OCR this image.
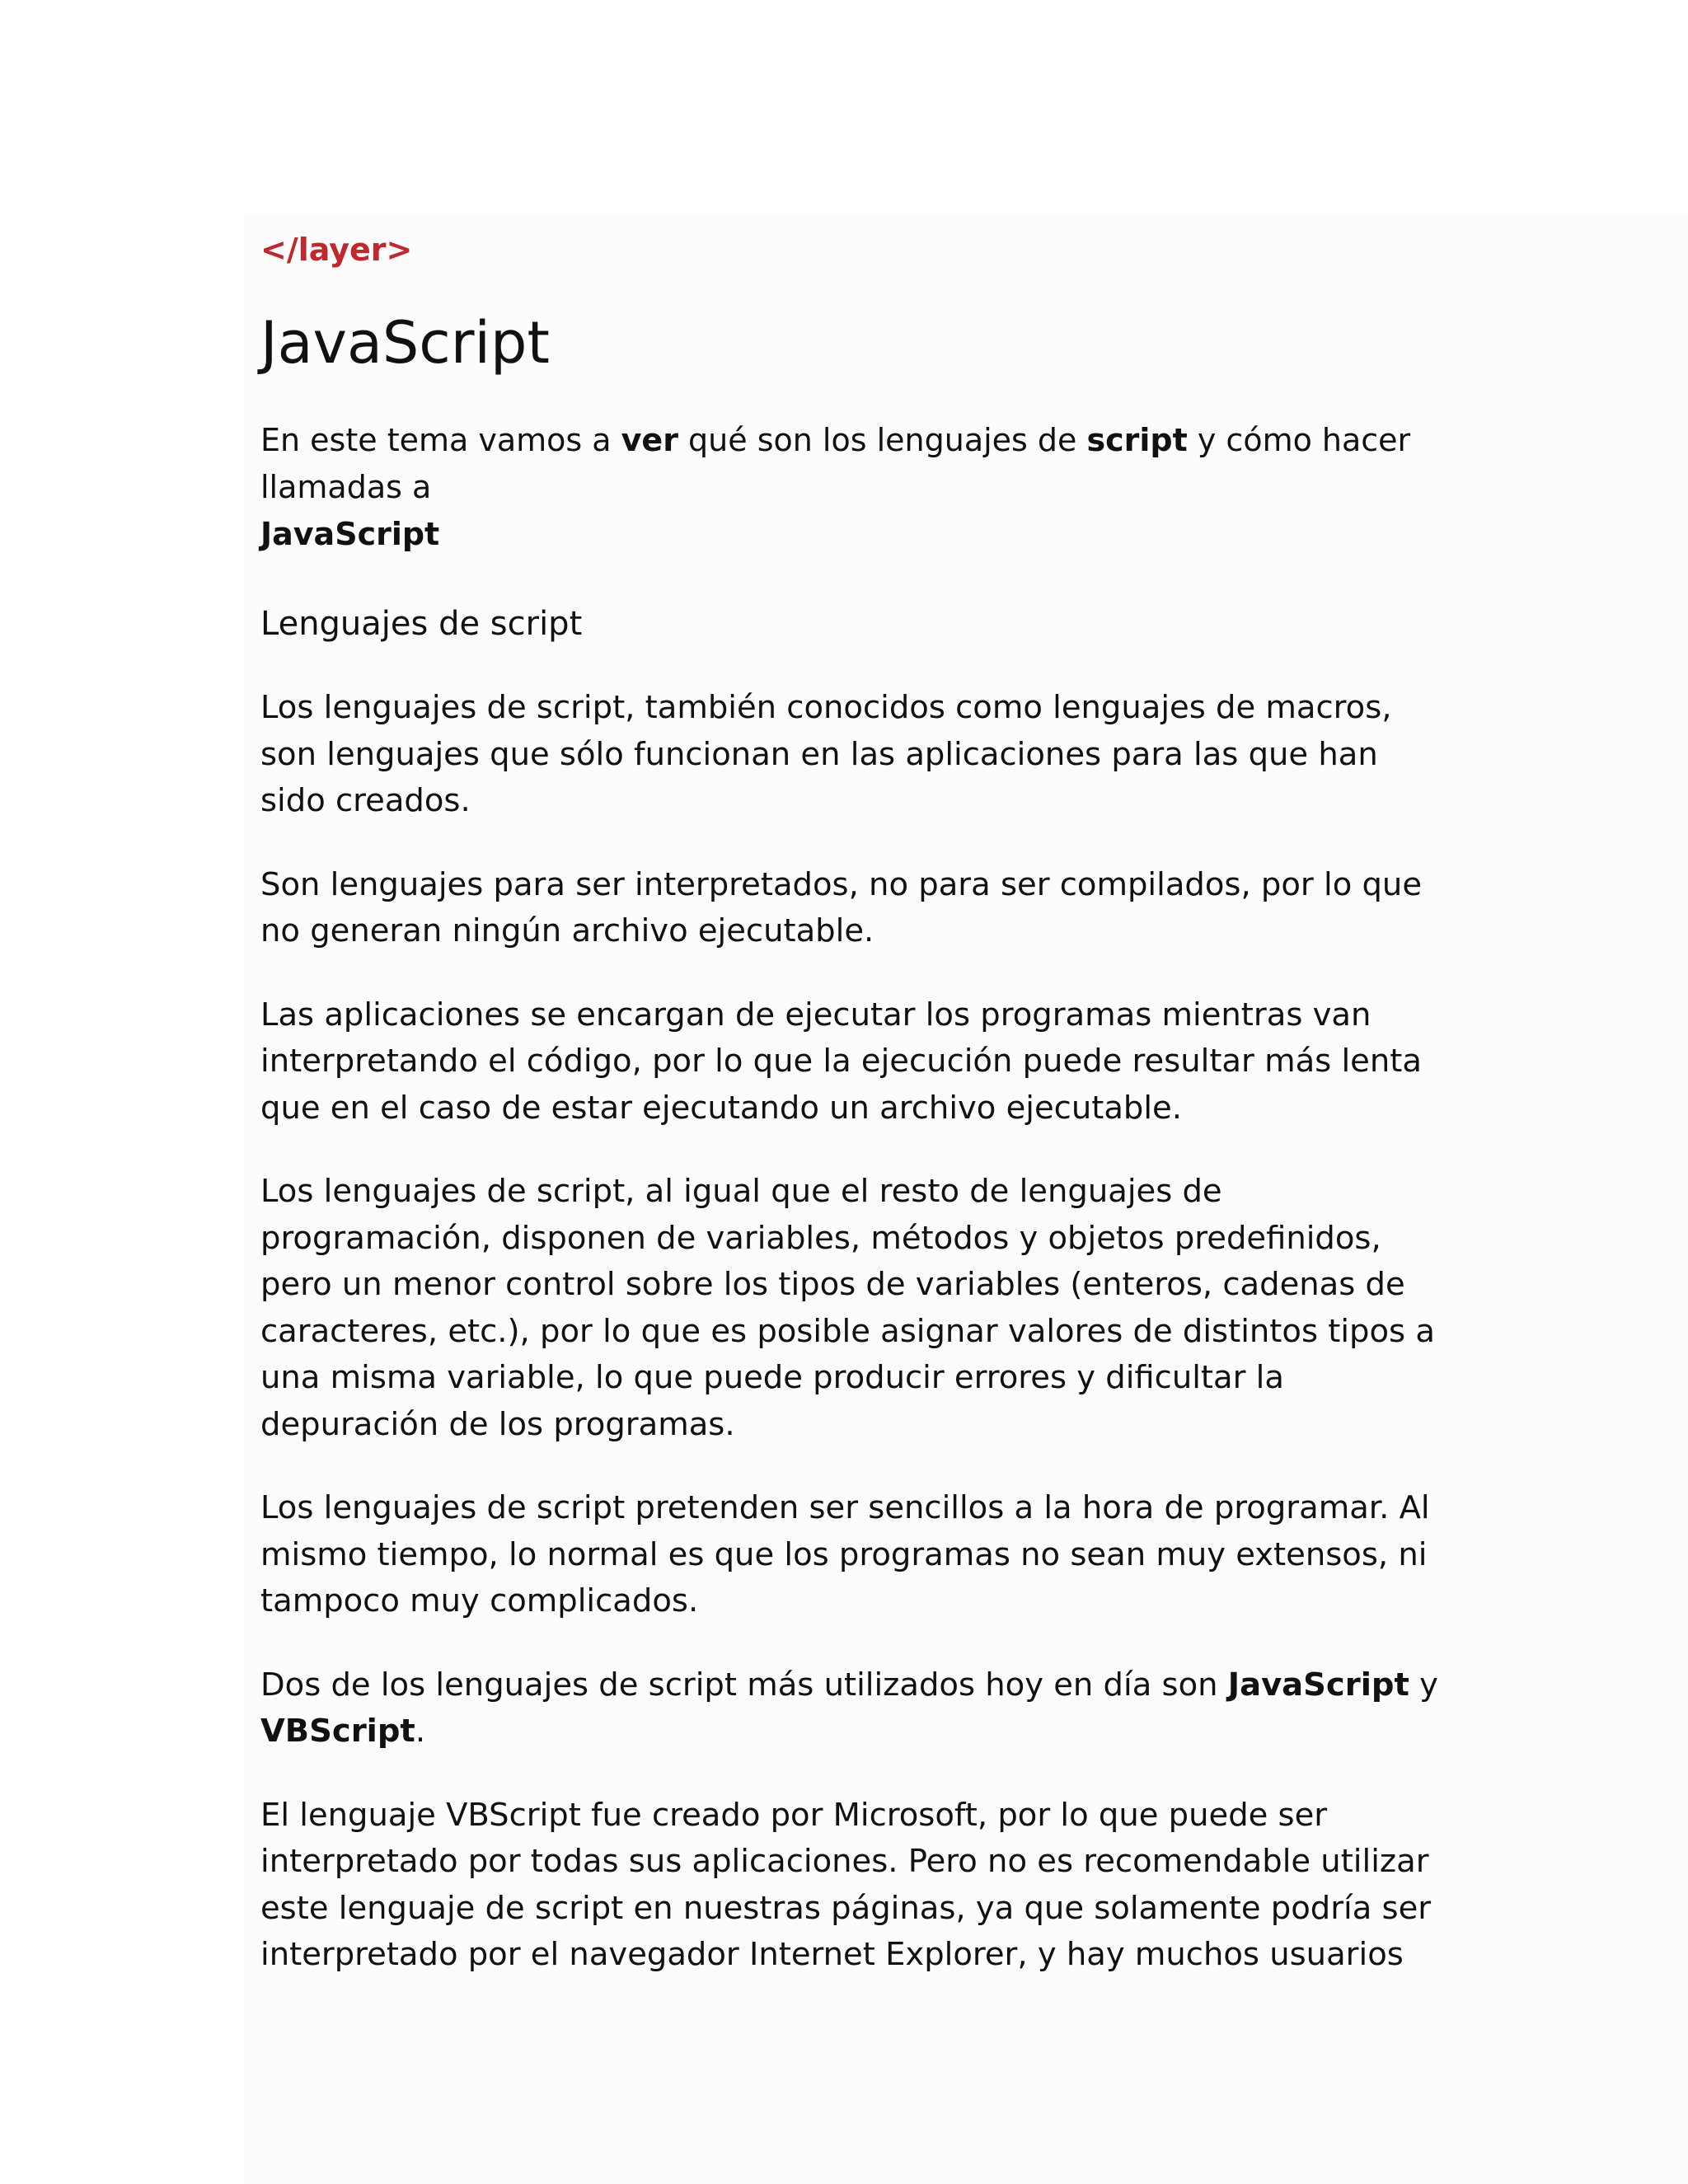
</layer>
JavaScript

En este tema vamos a ver qué son los lenguajes de script y cómo hacer llamadas a
JavaScript

Lenguajes de script

Los lenguajes de script, también conocidos como lenguajes de macros, son lenguajes que sólo funcionan en las aplicaciones para las que han sido creados.

Son lenguajes para ser interpretados, no para ser compilados, por lo que no generan ningún archivo ejecutable.

Las aplicaciones se encargan de ejecutar los programas mientras van interpretando el código, por lo que la ejecución puede resultar más lenta que en el caso de estar ejecutando un archivo ejecutable.

Los lenguajes de script, al igual que el resto de lenguajes de programación, disponen de variables, métodos y objetos predefinidos, pero un menor control sobre los tipos de variables (enteros, cadenas de caracteres, etc.), por lo que es posible asignar valores de distintos tipos a una misma variable, lo que puede producir errores y dificultar la depuración de los programas.

Los lenguajes de script pretenden ser sencillos a la hora de programar. Al mismo tiempo, lo normal es que los programas no sean muy extensos, ni tampoco muy complicados.

Dos de los lenguajes de script más utilizados hoy en día son JavaScript y
VBScript.

El lenguaje VBScript fue creado por Microsoft, por lo que puede ser interpretado por todas sus aplicaciones. Pero no es recomendable utilizar este lenguaje de script en nuestras páginas, ya que solamente podría ser interpretado por el navegador Internet Explorer, y hay muchos usuarios
